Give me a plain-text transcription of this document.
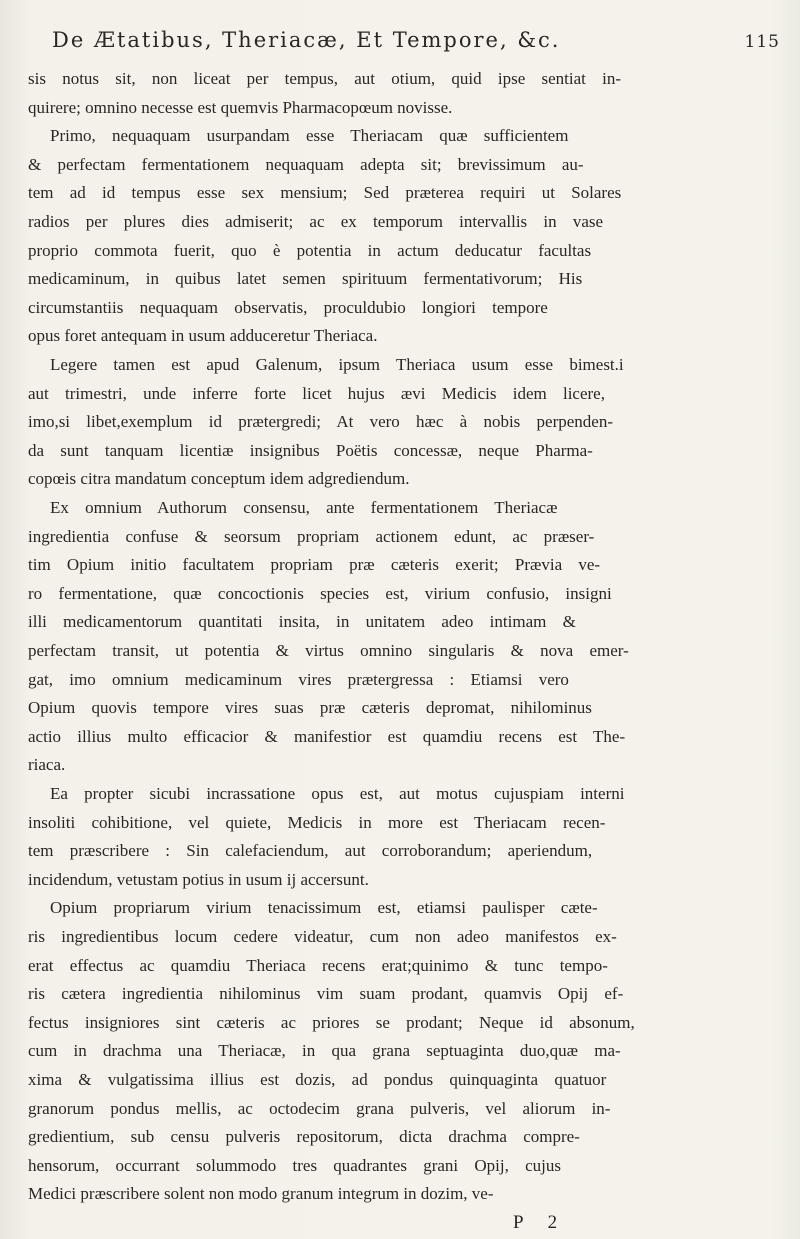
De Ætatibus, Theriacæ, Et Tempore, &c.	115
sis notus sit, non liceat per tempus, aut otium, quid ipse sentiat in-
quirere; omnino necesse est quemvis Pharmacopœum novisse.
Primo, nequaquam usurpandam esse Theriacam quæ sufficientem
& perfectam fermentationem nequaquam adepta sit; brevissimum au-
tem ad id tempus esse sex mensium; Sed præterea requiri ut Solares
radios per plures dies admiserit; ac ex temporum intervallis in vase
proprio commota fuerit, quo è potentia in actum deducatur facultas
medicaminum, in quibus latet semen spirituum fermentativorum; His
circumstantiis nequaquam observatis, proculdubio longiori tempore
opus foret antequam in usum adduceretur Theriaca.
Legere tamen est apud Galenum, ipsum Theriaca usum esse bimest.i
aut trimestri, unde inferre forte licet hujus ævi Medicis idem licere,
imo,si libet,exemplum id prætergredi; At vero hæc à nobis perpenden-
da sunt tanquam licentiæ insignibus Poëtis concessæ, neque Pharma-
copœis citra mandatum conceptum idem adgrediendum.
Ex omnium Authorum consensu, ante fermentationem Theriacæ
ingredientia confuse & seorsum propriam actionem edunt, ac præser-
tim Opium initio facultatem propriam præ cæteris exerit; Prævia ve-
ro fermentatione, quæ concoctionis species est, virium confusio, insigni
illi medicamentorum quantitati insita, in unitatem adeo intimam &
perfectam transit, ut potentia & virtus omnino singularis & nova emer-
gat, imo omnium medicaminum vires prætergressa : Etiamsi vero
Opium quovis tempore vires suas præ cæteris depromat, nihilominus
actio illius multo efficacior & manifestior est quamdiu recens est The-
riaca.
Ea propter sicubi incrassatione opus est, aut motus cujuspiam interni
insoliti cohibitione, vel quiete, Medicis in more est Theriacam recen-
tem præscribere : Sin calefaciendum, aut corroborandum; aperiendum,
incidendum, vetustam potius in usum ij accersunt.
Opium propriarum virium tenacissimum est, etiamsi paulisper cæte-
ris ingredientibus locum cedere videatur, cum non adeo manifestos ex-
erat effectus ac quamdiu Theriaca recens erat;quinimo & tunc tempo-
ris cætera ingredientia nihilominus vim suam prodant, quamvis Opij ef-
fectus insigniores sint cæteris ac priores se prodant; Neque id absonum,
cum in drachma una Theriacæ, in qua grana septuaginta duo,quæ ma-
xima & vulgatissima illius est dozis, ad pondus quinquaginta quatuor
granorum pondus mellis, ac octodecim grana pulveris, vel aliorum in-
gredientium, sub censu pulveris repositorum, dicta drachma compre-
hensorum, occurrant solummodo tres quadrantes grani Opij, cujus
Medici præscribere solent non modo granum integrum in dozim, ve-
P 2
